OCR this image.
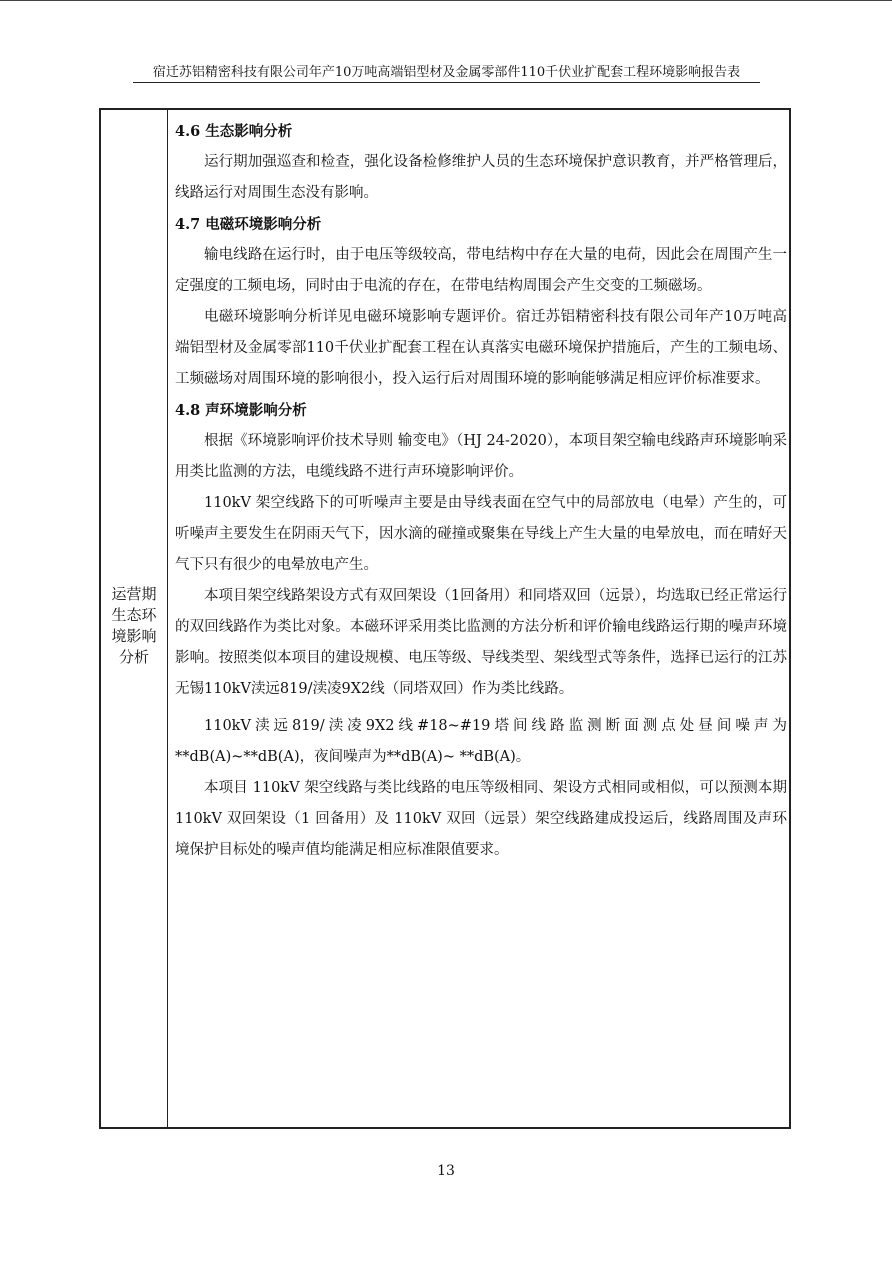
宿迁苏铝精密科技有限公司年产10万吨高端铝型材及金属零部件110千伏业扩配套工程环境影响报告表
运营期
生态环
境影响
分析
4.6 生态影响分析

运行期加强巡查和检查，强化设备检修维护人员的生态环境保护意识教育，并严格管理后，线路运行对周围生态没有影响。

4.7 电磁环境影响分析

输电线路在运行时，由于电压等级较高，带电结构中存在大量的电荷，因此会在周围产生一定强度的工频电场，同时由于电流的存在，在带电结构周围会产生交变的工频磁场。

电磁环境影响分析详见电磁环境影响专题评价。宿迁苏铝精密科技有限公司年产10万吨高端铝型材及金属零部110千伏业扩配套工程在认真落实电磁环境保护措施后，产生的工频电场、工频磁场对周围环境的影响很小，投入运行后对周围环境的影响能够满足相应评价标准要求。

4.8 声环境影响分析

根据《环境影响评价技术导则 输变电》（HJ 24-2020），本项目架空输电线路声环境影响采用类比监测的方法，电缆线路不进行声环境影响评价。

110kV 架空线路下的可听噪声主要是由导线表面在空气中的局部放电（电晕）产生的，可听噪声主要发生在阴雨天气下，因水滴的碰撞或聚集在导线上产生大量的电晕放电，而在晴好天气下只有很少的电晕放电产生。

本项目架空线路架设方式有双回架设（1回备用）和同塔双回（远景），均选取已经正常运行的双回线路作为类比对象。本磁环评采用类比监测的方法分析和评价输电线路运行期的噪声环境影响。按照类似本项目的建设规模、电压等级、导线类型、架线型式等条件，选择已运行的江苏无锡110kV渎远819/渎凌9X2线（同塔双回）作为类比线路。

110kV渎远819/渎凌9X2线#18~#19塔间线路监测断面测点处昼间噪声为**dB(A)~**dB(A)，夜间噪声为**dB(A)~ **dB(A)。

本项目 110kV 架空线路与类比线路的电压等级相同、架设方式相同或相似，可以预测本期 110kV 双回架设（1 回备用）及 110kV 双回（远景）架空线路建成投运后，线路周围及声环境保护目标处的噪声值均能满足相应标准限值要求。

13
